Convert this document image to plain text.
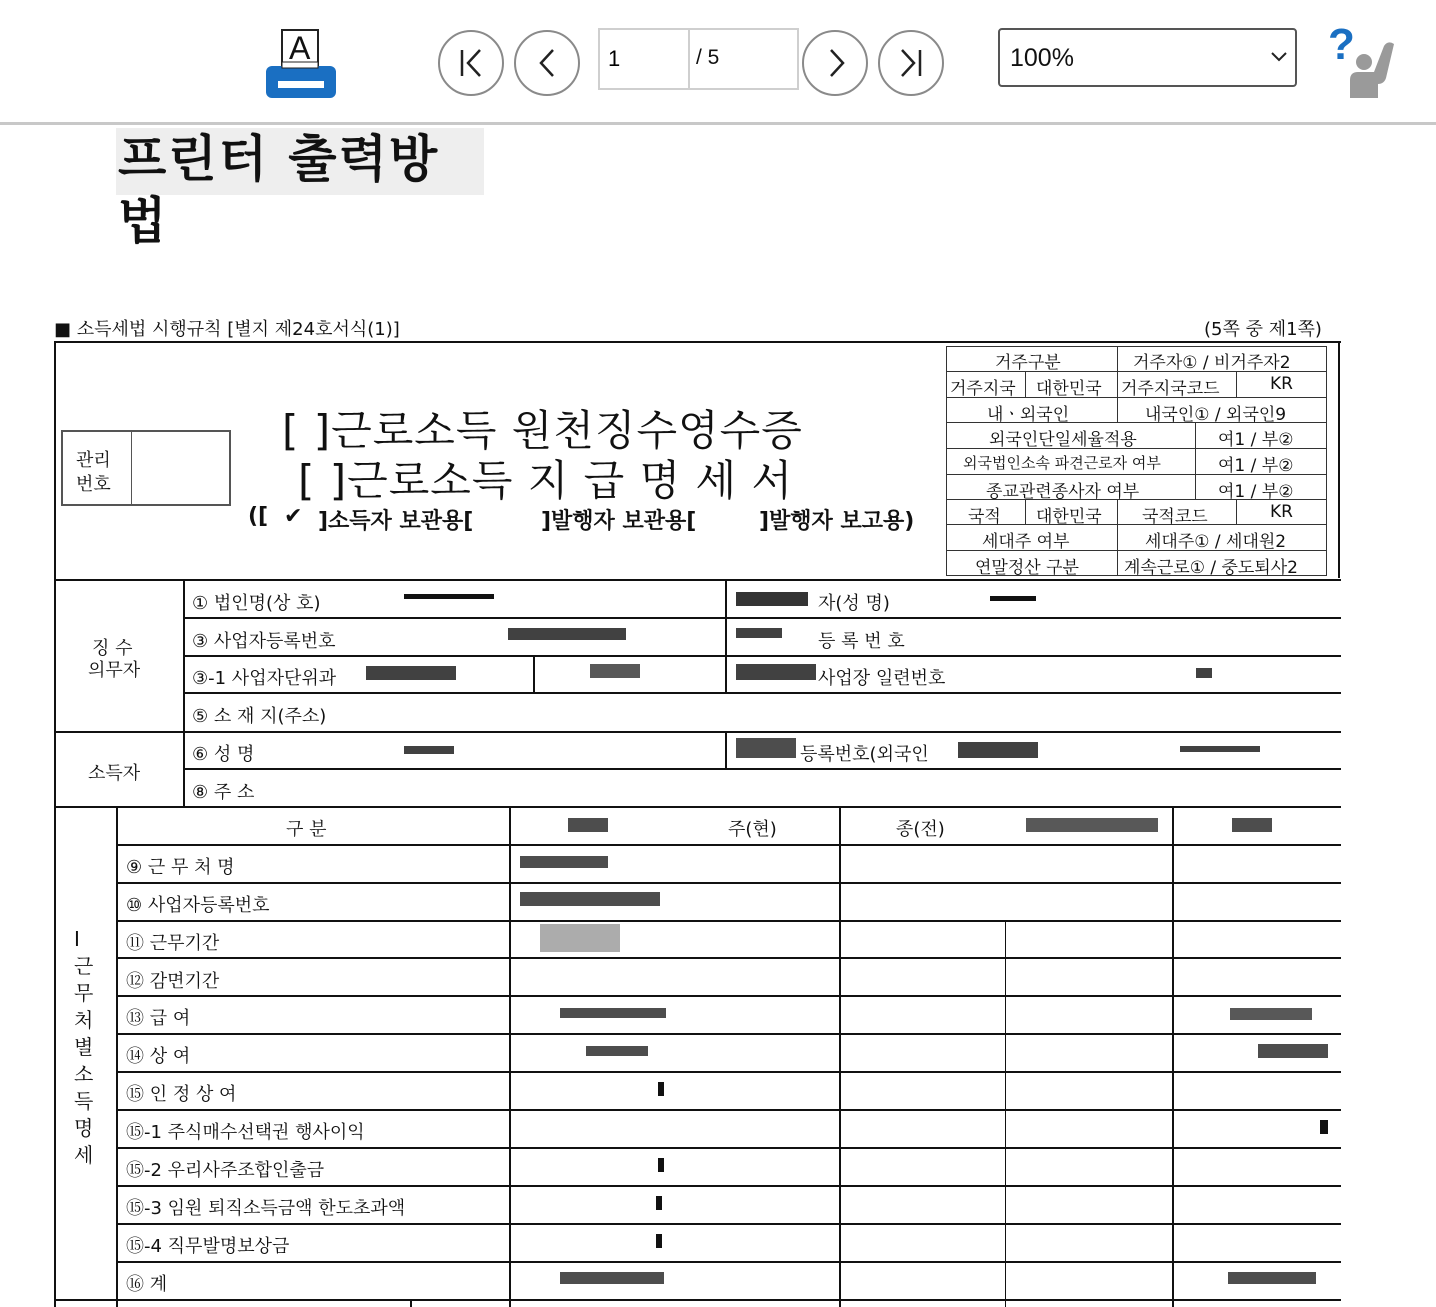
A
1	/ 5	100%	?
프린터 출력방법
■ 소득세법 시행규칙 [별지 제24호서식(1)]	(5쪽 중 제1쪽)
관리
번호
[ ]근로소득 원천징수영수증
[ ]근로소득 지 급 명 세 서
([ ✔ ]소득자 보관용[	]발행자 보관용[	]발행자 보고용)
거주구분	거주자① / 비거주자2
거주지국 대한민국 거주지국코드	KR
내ㆍ외국인	내국인① / 외국인9
외국인단일세율적용	여1 / 부②
외국법인소속 파견근로자 여부	여1 / 부②
종교관련종사자 여부	여1 / 부②
국적 대한민국 국적코드	KR
세대주 여부	세대주① / 세대원2
연말정산 구분	계속근로① / 중도퇴사2
징 수
의무자
① 법인명(상 호)	자(성 명)
③ 사업자등록번호	등 록 번 호
③-1 사업자단위과	사업장 일련번호
⑤ 소 재 지(주소)
소득자
⑥ 성 명	등록번호(외국인
⑧ 주 소
Ⅰ근무처별소득명세
구 분	주(현)	종(전)
⑨ 근 무 처 명
⑩ 사업자등록번호
⑪ 근무기간
⑫ 감면기간
⑬ 급 여
⑭ 상 여
⑮ 인 정 상 여
⑮-1 주식매수선택권 행사이익
⑮-2 우리사주조합인출금
⑮-3 임원 퇴직소득금액 한도초과액
⑮-4 직무발명보상금
⑯ 계
